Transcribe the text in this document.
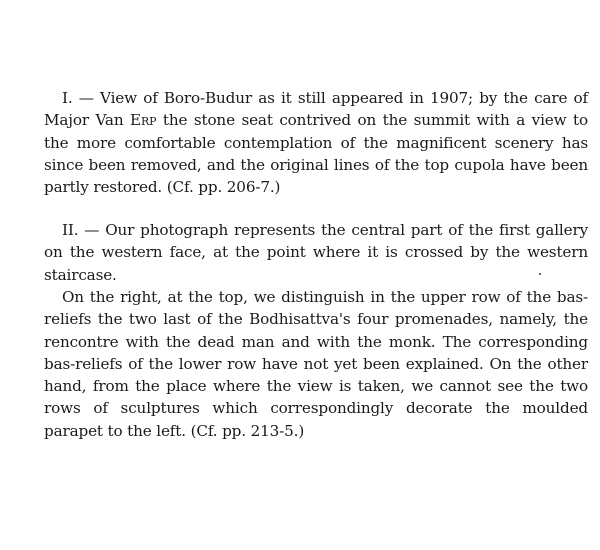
I. — View of Boro-Budur as it still appeared in 1907; by the care of Major Van Erp the stone seat contrived on the summit with a view to the more comfortable contemplation of the magnificent scenery has since been removed, and the original lines of the top cupola have been partly restored. (Cf. pp. 206-7.)

II. — Our photograph represents the central part of the first gallery on the western face, at the point where it is crossed by the western staircase.

On the right, at the top, we distinguish in the upper row of the bas-reliefs the two last of the Bodhisattva's four promenades, namely, the rencontre with the dead man and with the monk. The corresponding bas-reliefs of the lower row have not yet been explained. On the other hand, from the place where the view is taken, we cannot see the two rows of sculptures which correspondingly decorate the moulded parapet to the left. (Cf. pp. 213-5.)
